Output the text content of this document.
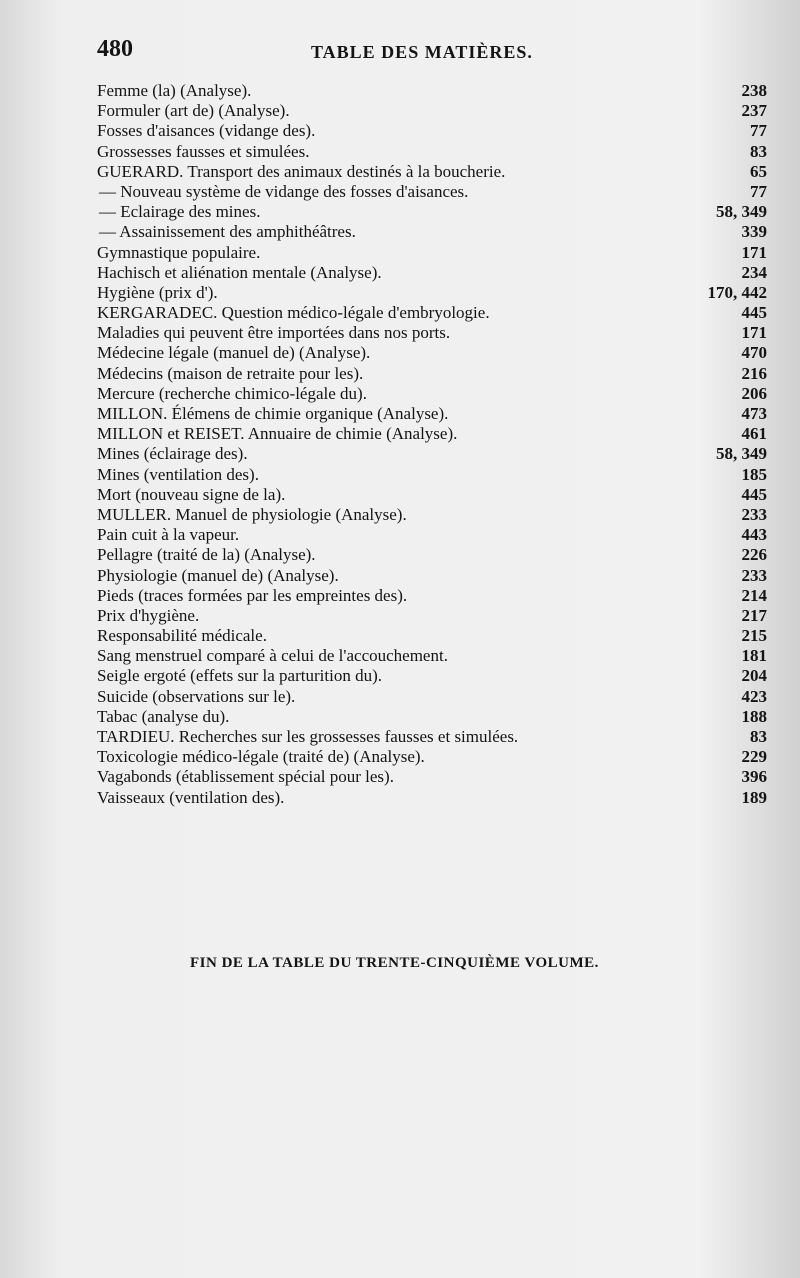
480	TABLE DES MATIÈRES.
Femme (la) (Analyse).	238
Formuler (art de) (Analyse).	237
Fosses d'aisances (vidange des).	77
Grossesses fausses et simulées.	83
GUERARD. Transport des animaux destinés à la boucherie.	65
— Nouveau système de vidange des fosses d'aisances.	77
— Eclairage des mines.	58, 349
— Assainissement des amphithéâtres.	339
Gymnastique populaire.	171
Hachisch et aliénation mentale (Analyse).	234
Hygiène (prix d').	170, 442
KERGARADEC. Question médico-légale d'embryologie.	445
Maladies qui peuvent être importées dans nos ports.	171
Médecine légale (manuel de) (Analyse).	470
Médecins (maison de retraite pour les).	216
Mercure (recherche chimico-légale du).	206
MILLON. Élémens de chimie organique (Analyse).	473
MILLON et REISET. Annuaire de chimie (Analyse).	461
Mines (éclairage des).	58, 349
Mines (ventilation des).	185
Mort (nouveau signe de la).	445
MULLER. Manuel de physiologie (Analyse).	233
Pain cuit à la vapeur.	443
Pellagre (traité de la) (Analyse).	226
Physiologie (manuel de) (Analyse).	233
Pieds (traces formées par les empreintes des).	214
Prix d'hygiène.	217
Responsabilité médicale.	215
Sang menstruel comparé à celui de l'accouchement.	181
Seigle ergoté (effets sur la parturition du).	204
Suicide (observations sur le).	423
Tabac (analyse du).	188
TARDIEU. Recherches sur les grossesses fausses et simulées.	83
Toxicologie médico-légale (traité de) (Analyse).	229
Vagabonds (établissement spécial pour les).	396
Vaisseaux (ventilation des).	189
FIN DE LA TABLE DU TRENTE-CINQUIÈME VOLUME.
